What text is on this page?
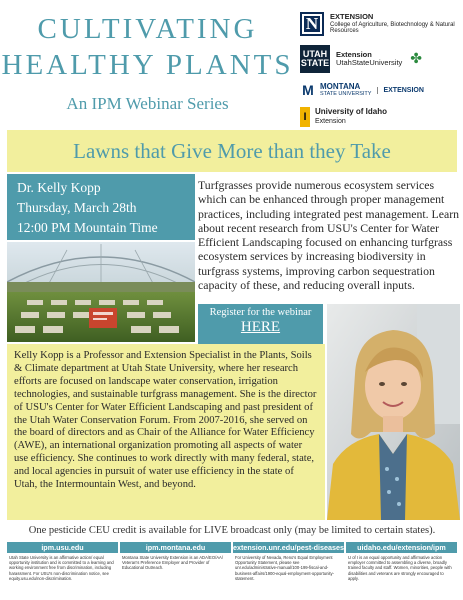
CULTIVATING
HEALTHY PLANTS
An IPM Webinar Series
N	EXTENSION
College of Agriculture, Biotechnology & Natural Resources
UTAH
STATE
Extension
UtahStateUniversity ✤
M MONTANA
STATE UNIVERSITY
EXTENSION
I	University of Idaho
Extension
Lawns that Give More than they Take
Dr. Kelly Kopp
Thursday, March 28th
12:00 PM Mountain Time
Turfgrasses provide numerous ecosystem services which can be enhanced through proper management practices, including integrated pest management. Learn about recent research from USU's Center for Water Efficient Landscaping focused on enhancing turfgrass ecosystem services by increasing biodiversity in turfgrass systems, improving carbon sequestration capacity of these, and reducing overall inputs.
Register for the webinar
HERE
Kelly Kopp is a Professor and Extension Specialist in the Plants, Soils & Climate department at Utah State University, where her research efforts are focused on landscape water conservation, irrigation technologies, and sustainable turfgrass management. She is the director of USU's Center for Water Efficient Landscaping and past president of the Utah Water Conservation Forum. From 2007-2016, she served on the board of directors and as Chair of the Alliance for Water Efficiency (AWE), an international organization promoting all aspects of water use efficiency. She continues to work directly with many federal, state, and local agencies in pursuit of water use efficiency in the state of Utah, the Intermountain West, and beyond.
One pesticide CEU credit is available for LIVE broadcast only (may be limited to certain states).
ipm.usu.edu
Utah State University is an affirmative action/ equal opportunity institution and is committed to a learning and working environment free from discrimination, including harassment. For USU's non-discrimination notice, see equity.usu.edu/non-discrimination.
ipm.montana.edu
Montana State University Extension is an ADA/EO/AA/ Veteran's Preference Employer and Provider of Educational Outreach.
extension.unr.edu/pest-diseases
For University of Nevada, Reno's Equal Employment Opportunity Statement, please see unr.edu/administrative-manual/100-199-fiscal-and-business-affairs/1900-equal-employment-opportunity-statement.
uidaho.edu/extension/ipm
U of I is an equal opportunity and affirmative action employer committed to assembling a diverse, broadly trained faculty and staff. Women, minorities, people with disabilities and veterans are strongly encouraged to apply.
